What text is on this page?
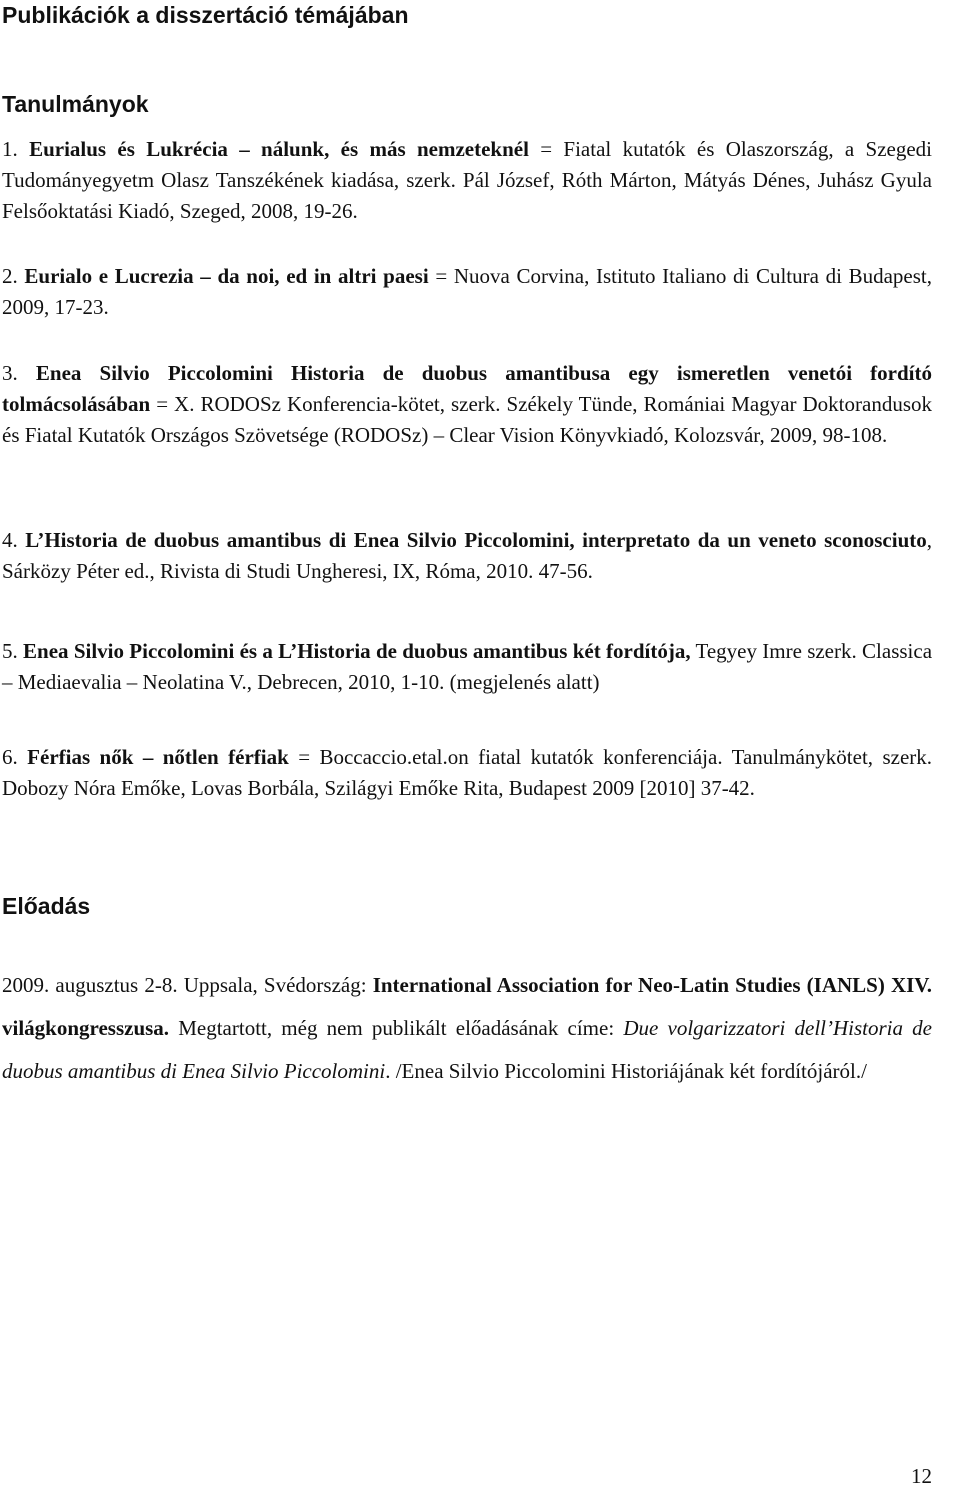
Publikációk a disszertáció témájában
Tanulmányok

1. Eurialus és Lukrécia – nálunk, és más nemzeteknél = Fiatal kutatók és Olaszország, a Szegedi Tudományegyetm Olasz Tanszékének kiadása, szerk. Pál József, Róth Márton, Mátyás Dénes, Juhász Gyula Felsőoktatási Kiadó, Szeged, 2008, 19-26.

2. Eurialo e Lucrezia – da noi, ed in altri paesi = Nuova Corvina, Istituto Italiano di Cultura di Budapest, 2009, 17-23.

3. Enea Silvio Piccolomini Historia de duobus amantibusa egy ismeretlen venetói fordító tolmácsolásában = X. RODOSz Konferencia-kötet, szerk. Székely Tünde, Romániai Magyar Doktorandusok és Fiatal Kutatók Országos Szövetsége (RODOSz) – Clear Vision Könyvkiadó, Kolozsvár, 2009, 98-108.

4. L’Historia de duobus amantibus di Enea Silvio Piccolomini, interpretato da un veneto sconosciuto, Sárközy Péter ed., Rivista di Studi Ungheresi, IX, Róma, 2010. 47-56.

5. Enea Silvio Piccolomini és a L’Historia de duobus amantibus két fordítója, Tegyey Imre szerk. Classica – Mediaevalia – Neolatina V., Debrecen, 2010, 1-10. (megjelenés alatt)

6. Férfias nők – nőtlen férfiak = Boccaccio.etal.on fiatal kutatók konferenciája. Tanulmánykötet, szerk. Dobozy Nóra Emőke, Lovas Borbála, Szilágyi Emőke Rita, Budapest 2009 [2010] 37-42.

Előadás

2009. augusztus 2-8. Uppsala, Svédország: International Association for Neo-Latin Studies (IANLS) XIV. világkongresszusa. Megtartott, még nem publikált előadásának címe: Due volgarizzatori dell’Historia de duobus amantibus di Enea Silvio Piccolomini. /Enea Silvio Piccolomini Historiájának két fordítójáról./

12
